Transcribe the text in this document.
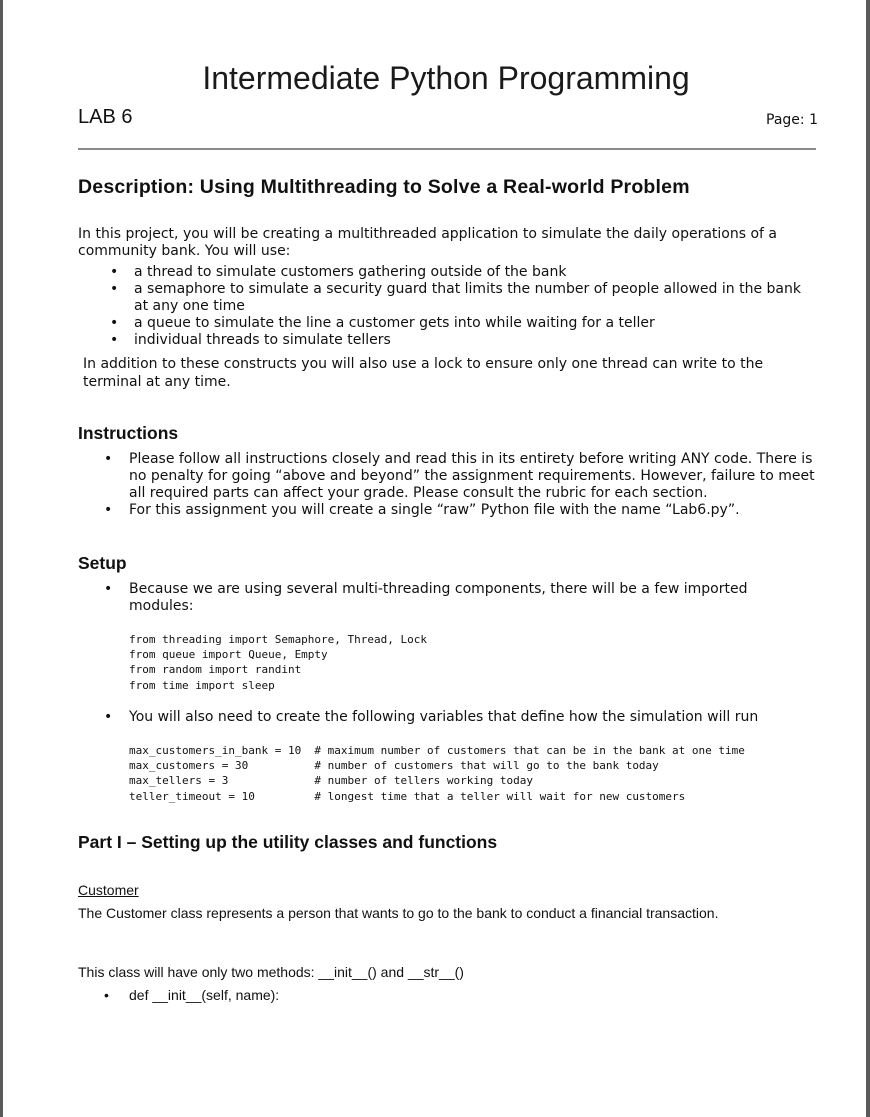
Intermediate Python Programming
LAB 6	Page: 1
Description: Using Multithreading to Solve a Real-world Problem
In this project, you will be creating a multithreaded application to simulate the daily operations of a community bank. You will use:
• a thread to simulate customers gathering outside of the bank
• a semaphore to simulate a security guard that limits the number of people allowed in the bank at any one time
• a queue to simulate the line a customer gets into while waiting for a teller
• individual threads to simulate tellers
In addition to these constructs you will also use a lock to ensure only one thread can write to the terminal at any time.
Instructions
• Please follow all instructions closely and read this in its entirety before writing ANY code. There is no penalty for going “above and beyond” the assignment requirements. However, failure to meet all required parts can affect your grade. Please consult the rubric for each section.
• For this assignment you will create a single “raw” Python file with the name “Lab6.py”.
Setup
• Because we are using several multi-threading components, there will be a few imported modules:
from threading import Semaphore, Thread, Lock
from queue import Queue, Empty
from random import randint
from time import sleep
• You will also need to create the following variables that define how the simulation will run
max_customers_in_bank = 10  # maximum number of customers that can be in the bank at one time
max_customers = 30          # number of customers that will go to the bank today
max_tellers = 3             # number of tellers working today
teller_timeout = 10         # longest time that a teller will wait for new customers
Part I – Setting up the utility classes and functions
Customer
The Customer class represents a person that wants to go to the bank to conduct a financial transaction.
This class will have only two methods: __init__() and __str__()
• def __init__(self, name):
